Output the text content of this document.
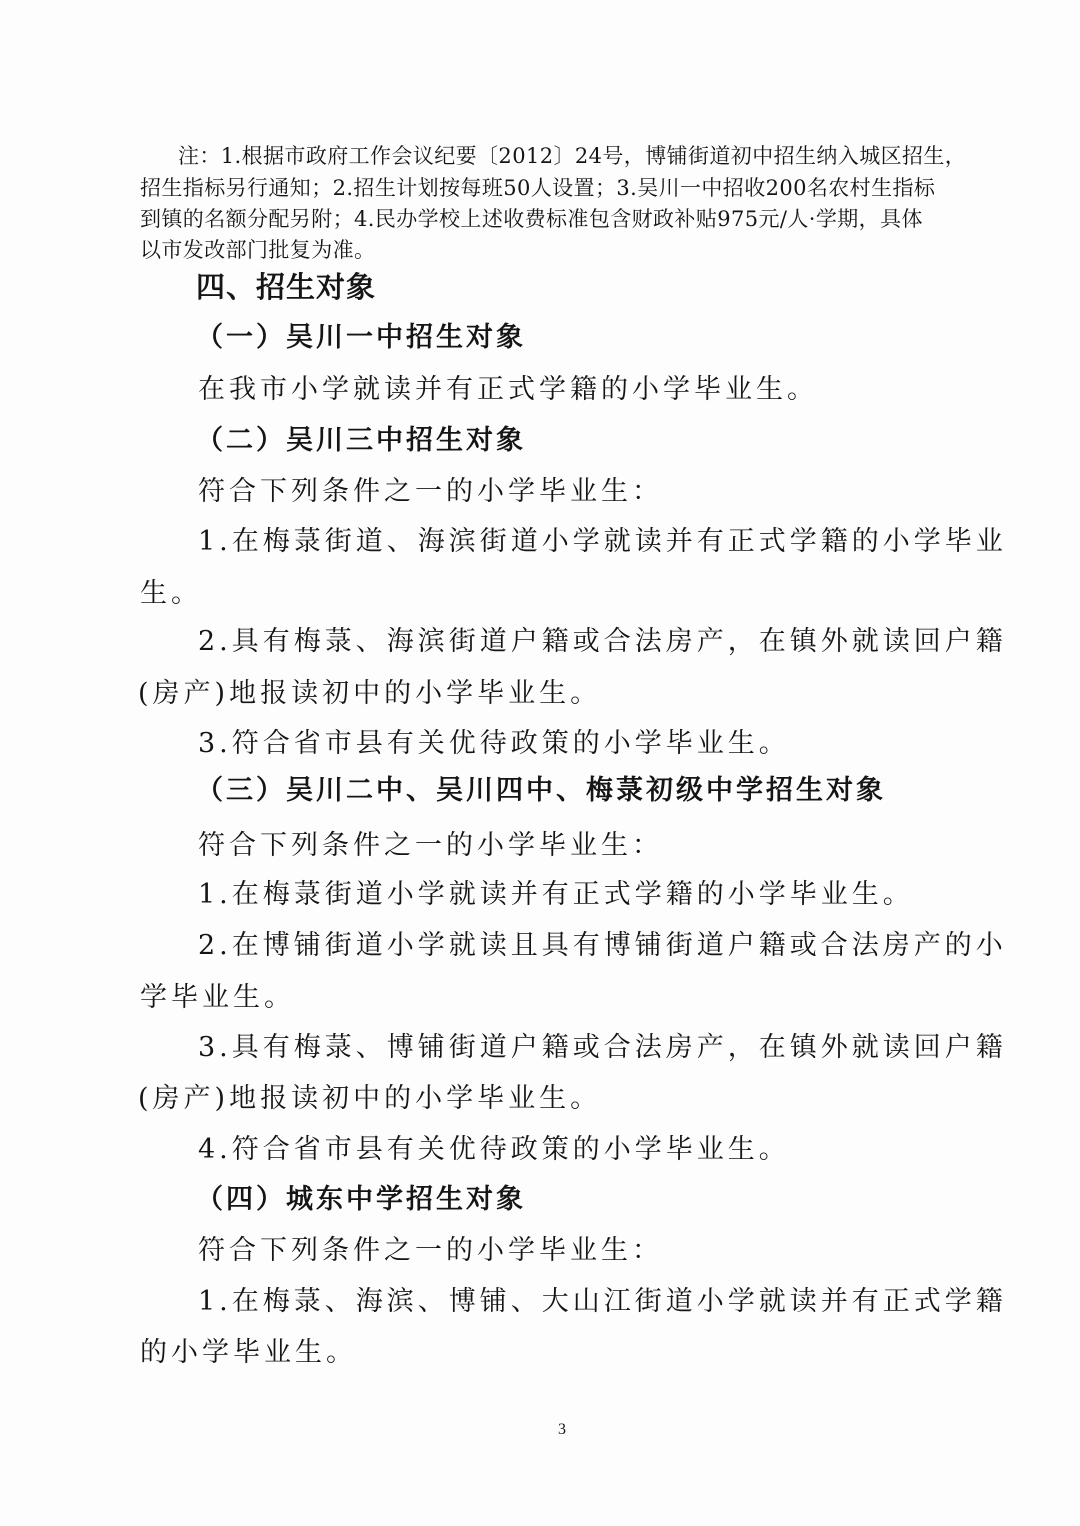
注：1.根据市政府工作会议纪要〔2012〕24号，博铺街道初中招生纳入城区招生，
招生指标另行通知；2.招生计划按每班50人设置；3.吴川一中招收200名农村生指标
到镇的名额分配另附；4.民办学校上述收费标准包含财政补贴975元/人·学期，具体
以市发改部门批复为准。
四、招生对象
（一）吴川一中招生对象
在我市小学就读并有正式学籍的小学毕业生。
（二）吴川三中招生对象
符合下列条件之一的小学毕业生：
1.在梅菉街道、海滨街道小学就读并有正式学籍的小学毕业
生。
2.具有梅菉、海滨街道户籍或合法房产，在镇外就读回户籍
(房产)地报读初中的小学毕业生。
3.符合省市县有关优待政策的小学毕业生。
（三）吴川二中、吴川四中、梅菉初级中学招生对象
符合下列条件之一的小学毕业生：
1.在梅菉街道小学就读并有正式学籍的小学毕业生。
2.在博铺街道小学就读且具有博铺街道户籍或合法房产的小
学毕业生。
3.具有梅菉、博铺街道户籍或合法房产，在镇外就读回户籍
(房产)地报读初中的小学毕业生。
4.符合省市县有关优待政策的小学毕业生。
（四）城东中学招生对象
符合下列条件之一的小学毕业生：
1.在梅菉、海滨、博铺、大山江街道小学就读并有正式学籍
的小学毕业生。
3
